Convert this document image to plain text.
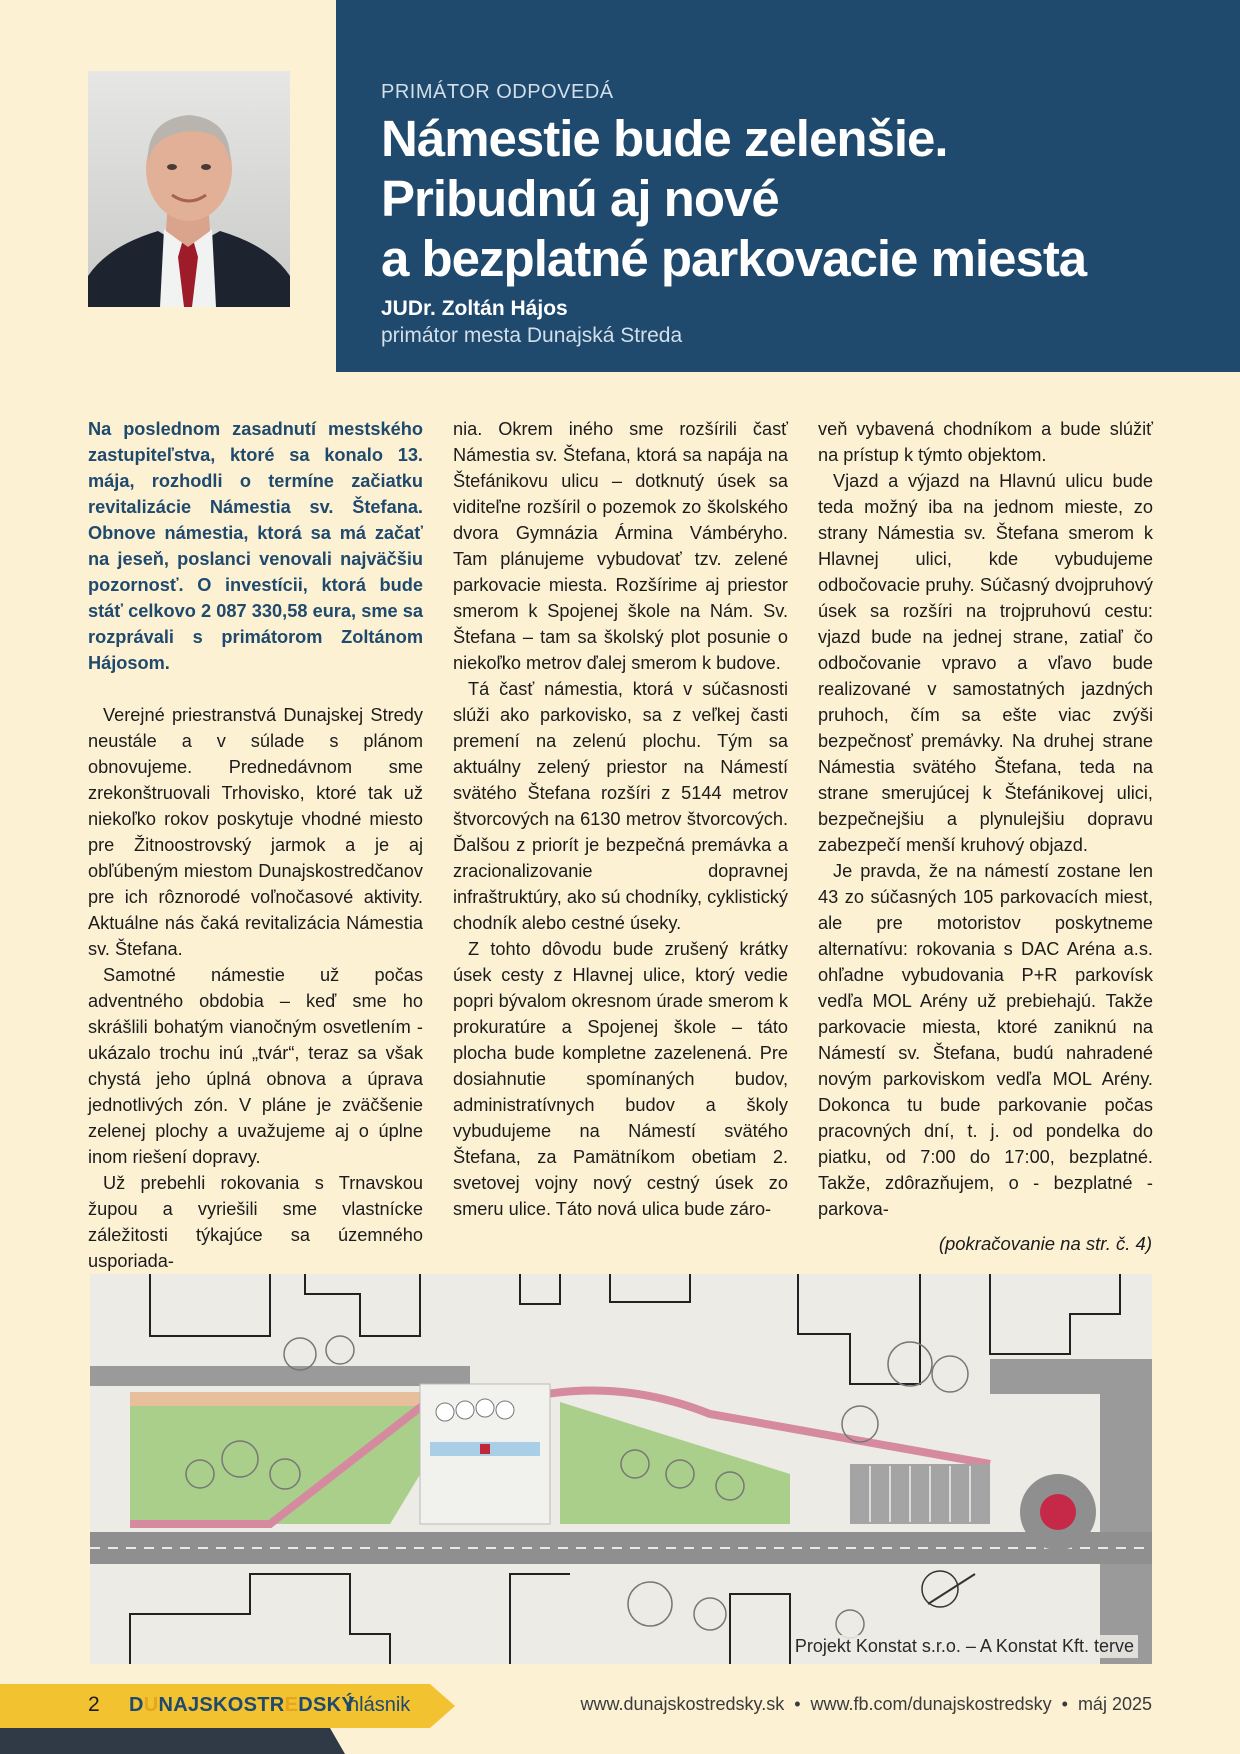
PRIMÁTOR ODPOVEDÁ
Námestie bude zelenšie.
Pribudnú aj nové
a bezplatné parkovacie miesta
JUDr. Zoltán Hájos
primátor mesta Dunajská Streda

Na poslednom zasadnutí mestského zastupiteľstva, ktoré sa konalo 13. mája, rozhodli o termíne začiatku revitalizácie Námestia sv. Štefana. Obnove námestia, ktorá sa má začať na jeseň, poslanci venovali najväčšiu pozornosť. O investícii, ktorá bude stáť celkovo 2 087 330,58 eura, sme sa rozprávali s primátorom Zoltánom Hájosom.

Verejné priestranstvá Dunajskej Stredy neustále a v súlade s plánom obnovujeme. Prednedávnom sme zrekonštruovali Trhovisko, ktoré tak už niekoľko rokov poskytuje vhodné miesto pre Žitnoostrovský jarmok a je aj obľúbeným miestom Dunajskostredčanov pre ich rôznorodé voľnočasové aktivity. Aktuálne nás čaká revitalizácia Námestia sv. Štefana.

Samotné námestie už počas adventného obdobia – keď sme ho skrášlili bohatým vianočným osvetlením - ukázalo trochu inú „tvár“, teraz sa však chystá jeho úplná obnova a úprava jednotlivých zón. V pláne je zväčšenie zelenej plochy a uvažujeme aj o úplne inom riešení dopravy.

Už prebehli rokovania s Trnavskou župou a vyriešili sme vlastnícke záležitosti týkajúce sa územného usporiada-

nia. Okrem iného sme rozšírili časť Námestia sv. Štefana, ktorá sa napája na Štefánikovu ulicu – dotknutý úsek sa viditeľne rozšíril o pozemok zo školského dvora Gymnázia Ármina Vámbéryho. Tam plánujeme vybudovať tzv. zelené parkovacie miesta. Rozšírime aj priestor smerom k Spojenej škole na Nám. Sv. Štefana – tam sa školský plot posunie o niekoľko metrov ďalej smerom k budove.

Tá časť námestia, ktorá v súčasnosti slúži ako parkovisko, sa z veľkej časti premení na zelenú plochu. Tým sa aktuálny zelený priestor na Námestí svätého Štefana rozšíri z 5144 metrov štvorcových na 6130 metrov štvorcových. Ďalšou z priorít je bezpečná premávka a zracionalizovanie dopravnej infraštruktúry, ako sú chodníky, cyklistický chodník alebo cestné úseky.

Z tohto dôvodu bude zrušený krátky úsek cesty z Hlavnej ulice, ktorý vedie popri bývalom okresnom úrade smerom k prokuratúre a Spojenej škole – táto plocha bude kompletne zazelenená. Pre dosiahnutie spomínaných budov, administratívnych budov a školy vybudujeme na Námestí svätého Štefana, za Pamätníkom obetiam 2. svetovej vojny nový cestný úsek zo smeru ulice. Táto nová ulica bude záro-

veň vybavená chodníkom a bude slúžiť na prístup k týmto objektom.

Vjazd a výjazd na Hlavnú ulicu bude teda možný iba na jednom mieste, zo strany Námestia sv. Štefana smerom k Hlavnej ulici, kde vybudujeme odbočovacie pruhy. Súčasný dvojpruhový úsek sa rozšíri na trojpruhovú cestu: vjazd bude na jednej strane, zatiaľ čo odbočovanie vpravo a vľavo bude realizované v samostatných jazdných pruhoch, čím sa ešte viac zvýši bezpečnosť premávky. Na druhej strane Námestia svätého Štefana, teda na strane smerujúcej k Štefánikovej ulici, bezpečnejšiu a plynulejšiu dopravu zabezpečí menší kruhový objazd.

Je pravda, že na námestí zostane len 43 zo súčasných 105 parkovacích miest, ale pre motoristov poskytneme alternatívu: rokovania s DAC Aréna a.s. ohľadne vybudovania P+R parkovísk vedľa MOL Arény už prebiehajú. Takže parkovacie miesta, ktoré zaniknú na Námestí sv. Štefana, budú nahradené novým parkoviskom vedľa MOL Arény. Dokonca tu bude parkovanie počas pracovných dní, t. j. od pondelka do piatku, od 7:00 do 17:00, bezplatné. Takže, zdôrazňujem, o - bezplatné - parkova-

(pokračovanie na str. č. 4)
Projekt Konstat s.r.o. – A Konstat Kft. terve
2 DUNAJSKOSTREDSKÝ
hlásnik	www.dunajskostredsky.sk • www.fb.com/dunajskostredsky • máj 2025
